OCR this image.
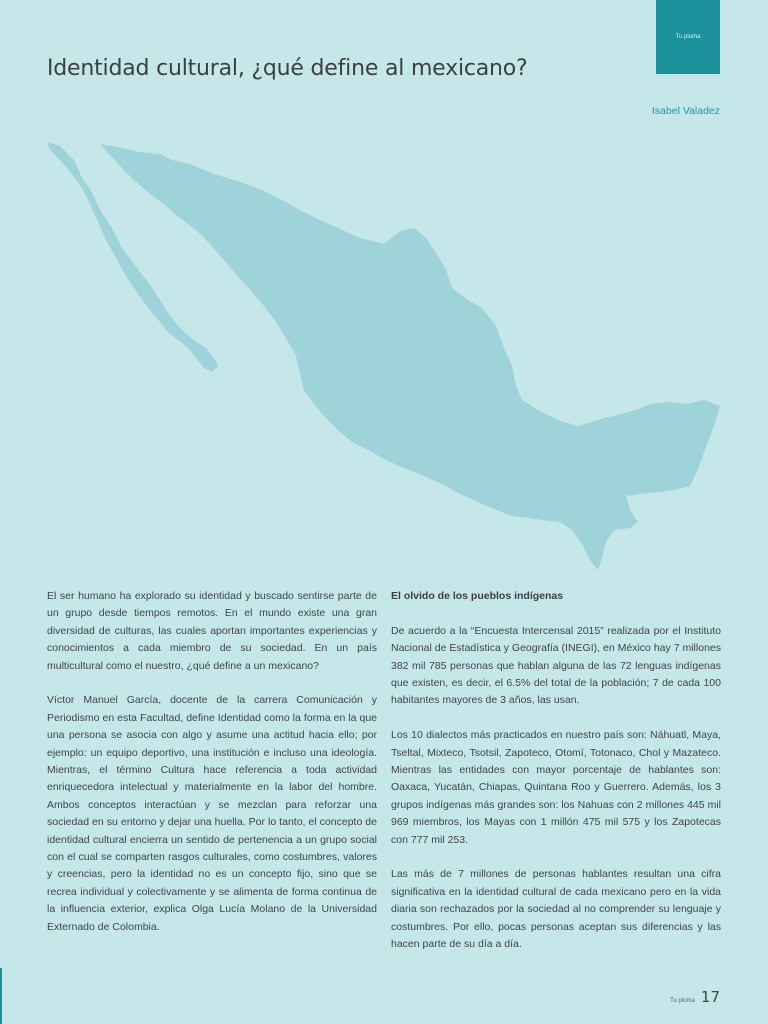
Tu pluma
Identidad cultural, ¿qué define al mexicano?
Isabel Valadez

El ser humano ha explorado su identidad y buscado sentirse parte de un grupo desde tiempos remotos. En el mundo existe una gran diversidad de culturas, las cuales aportan importantes experiencias y conocimientos a cada miembro de su sociedad. En un país multicultural como el nuestro, ¿qué define a un mexicano?

Víctor Manuel García, docente de la carrera Comunicación y Periodismo en esta Facultad, define Identidad como la forma en la que una persona se asocia con algo y asume una actitud hacia ello; por ejemplo: un equipo deportivo, una institución e incluso una ideología. Mientras, el término Cultura hace referencia a toda actividad enriquecedora intelectual y materialmente en la labor del hombre. Ambos conceptos interactúan y se mezclan para reforzar una sociedad en su entorno y dejar una huella. Por lo tanto, el concepto de identidad cultural encierra un sentido de pertenencia a un grupo social con el cual se comparten rasgos culturales, como costumbres, valores y creencias, pero la identidad no es un concepto fijo, sino que se recrea individual y colectivamente y se alimenta de forma continua de la influencia exterior, explica Olga Lucía Molano de la Universidad Externado de Colombia.

El olvido de los pueblos indígenas

De acuerdo a la “Encuesta Intercensal 2015” realizada por el Instituto Nacional de Estadística y Geografía (INEGI), en México hay 7 millones 382 mil 785 personas que hablan alguna de las 72 lenguas indígenas que existen, es decir, el 6.5% del total de la población; 7 de cada 100 habitantes mayores de 3 años, las usan.

Los 10 dialectos más practicados en nuestro país son: Náhuatl, Maya, Tseltal, Mixteco, Tsotsil, Zapoteco, Otomí, Totonaco, Chol y Mazateco. Mientras las entidades con mayor porcentaje de hablantes son: Oaxaca, Yucatán, Chiapas, Quintana Roo y Guerrero. Además, los 3 grupos indígenas más grandes son: los Nahuas con 2 millones 445 mil 969 miembros, los Mayas con 1 millón 475 mil 575 y los Zapotecas con 777 mil 253.

Las más de 7 millones de personas hablantes resultan una cifra significativa en la identidad cultural de cada mexicano pero en la vida diaria son rechazados por la sociedad al no comprender su lenguaje y costumbres. Por ello, pocas personas aceptan sus diferencias y las hacen parte de su día a día.

Tu pluma 17
